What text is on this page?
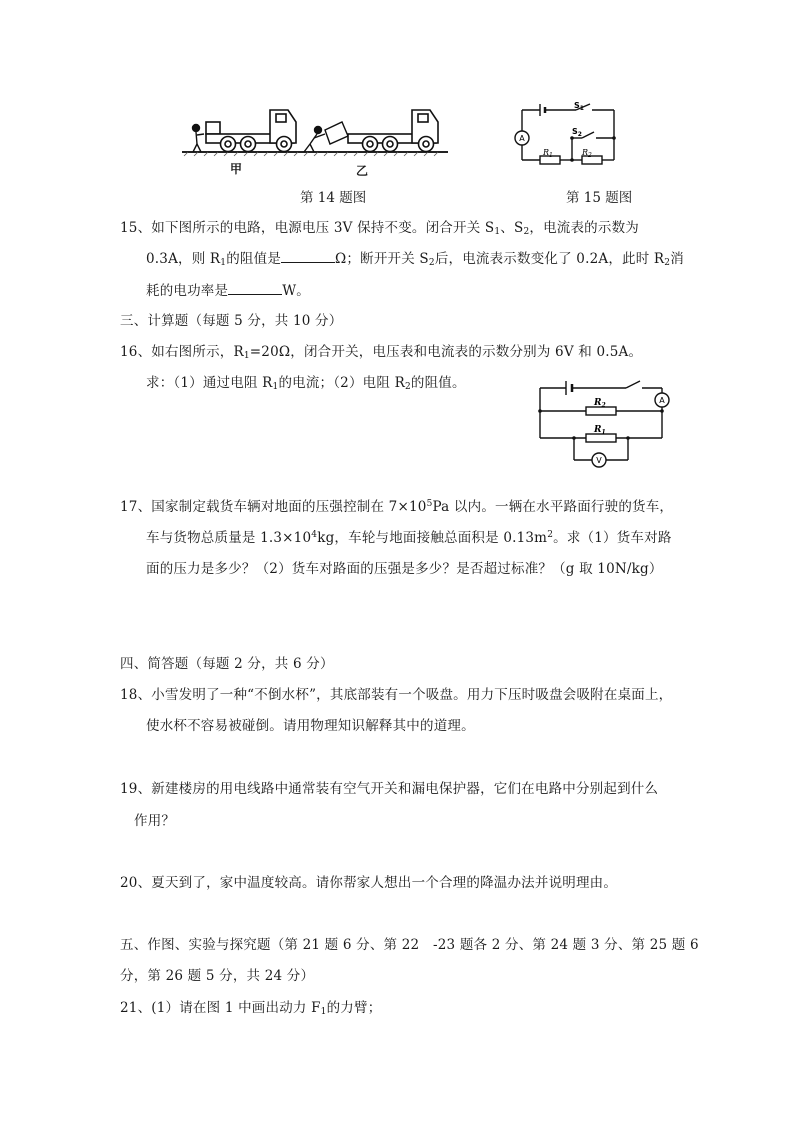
甲	乙
第 14 题图
A
$S_1$
$S_2$
$R_1$	$R_2$
第 15 题图
15、如下图所示的电路，电源电压 3V 保持不变。闭合开关 $S_1$、$S_2$，电流表的示数为
0.3A，则 $R_1$的阻值是	Ω；断开开关 $S_2$后，电流表示数变化了 0.2A，此时 $R_2$消
耗的电功率是	W。
三、计算题（每题 5 分，共 10 分）
16、如右图所示，$R_1=20\Omega$，闭合开关，电压表和电流表的示数分别为 6V 和 0.5A。
求：（1）通过电阻 $R_1$的电流；（2）电阻 $R_2$的阻值。
A
V
$R_2$
$R_1$
17、国家制定载货车辆对地面的压强控制在 $7\times 10^5Pa$ 以内。一辆在水平路面行驶的货车，
车与货物总质量是 $1.3\times 10^4kg$，车轮与地面接触总面积是 $0.13m^2$。求（1）货车对路
面的压力是多少？（2）货车对路面的压强是多少？是否超过标准？（g 取 10N/kg）
四、简答题（每题 2 分，共 6 分）
18、小雪发明了一种“不倒水杯”，其底部装有一个吸盘。用力下压时吸盘会吸附在桌面上，
使水杯不容易被碰倒。请用物理知识解释其中的道理。
19、新建楼房的用电线路中通常装有空气开关和漏电保护器，它们在电路中分别起到什么
作用？
20、夏天到了，家中温度较高。请你帮家人想出一个合理的降温办法并说明理由。
五、作图、实验与探究题（第 21 题 6 分、第 22　-23 题各 2 分、第 24 题 3 分、第 25 题 6
分，第 26 题 5 分，共 24 分）
21、(1）请在图 1 中画出动力 $F_1$的力臂；
